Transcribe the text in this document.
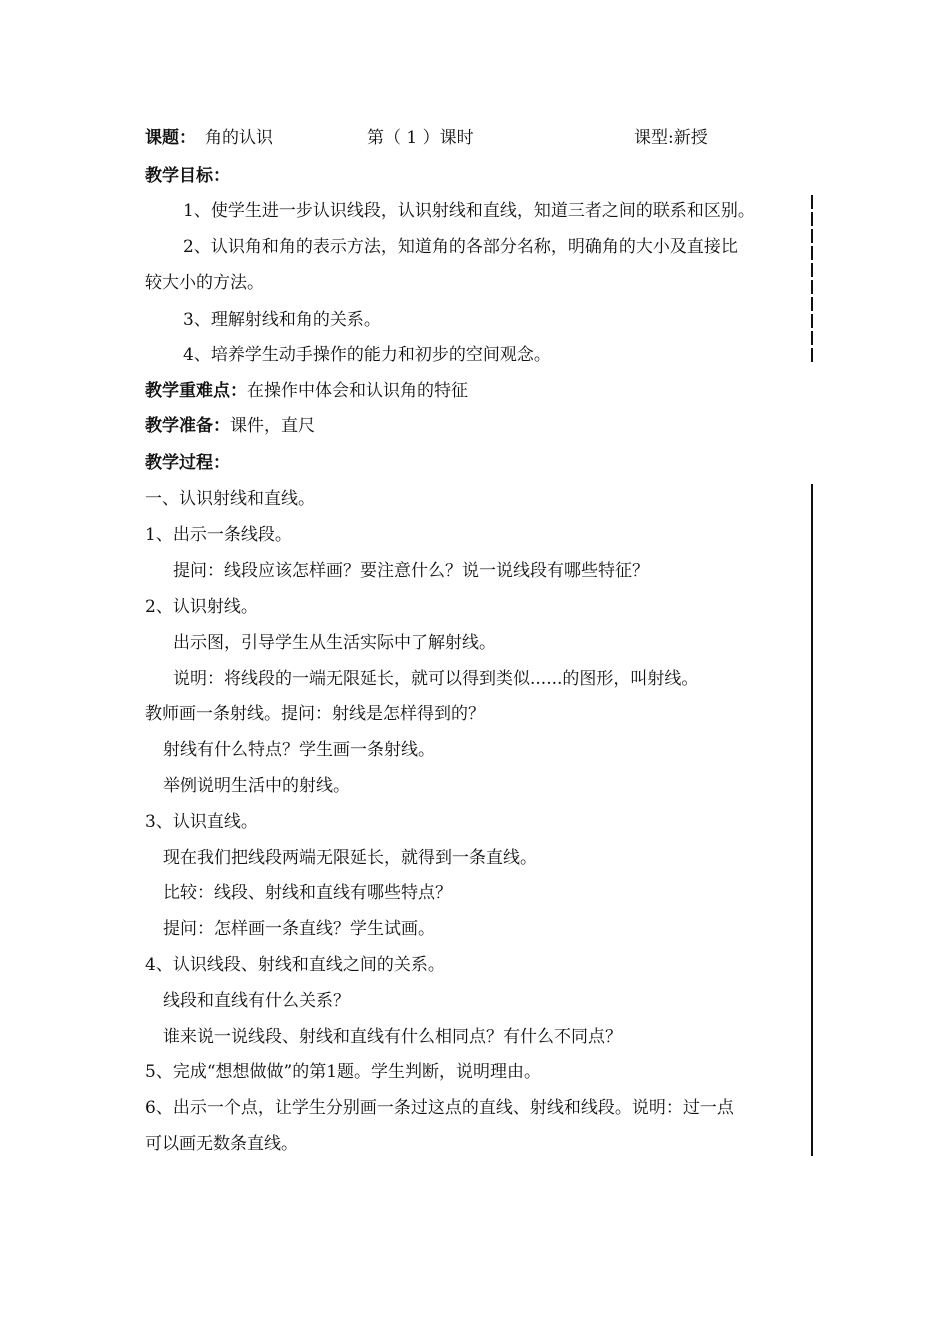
课题： 角的认识	第（ 1 ）课时	课型:新授
教学目标：
1、使学生进一步认识线段，认识射线和直线，知道三者之间的联系和区别。
2、认识角和角的表示方法，知道角的各部分名称，明确角的大小及直接比
较大小的方法。
3、理解射线和角的关系。
4、培养学生动手操作的能力和初步的空间观念。
教学重难点：在操作中体会和认识角的特征
教学准备：课件，直尺
教学过程：
一、认识射线和直线。
1、出示一条线段。
提问：线段应该怎样画？要注意什么？说一说线段有哪些特征？
2、认识射线。
出示图，引导学生从生活实际中了解射线。
说明：将线段的一端无限延长，就可以得到类似......的图形，叫射线。
教师画一条射线。提问：射线是怎样得到的？
射线有什么特点？学生画一条射线。
举例说明生活中的射线。
3、认识直线。
现在我们把线段两端无限延长，就得到一条直线。
比较：线段、射线和直线有哪些特点？
提问：怎样画一条直线？学生试画。
4、认识线段、射线和直线之间的关系。
线段和直线有什么关系？
谁来说一说线段、射线和直线有什么相同点？有什么不同点？
5、完成“想想做做”的第1题。学生判断，说明理由。
6、出示一个点，让学生分别画一条过这点的直线、射线和线段。说明：过一点
可以画无数条直线。
